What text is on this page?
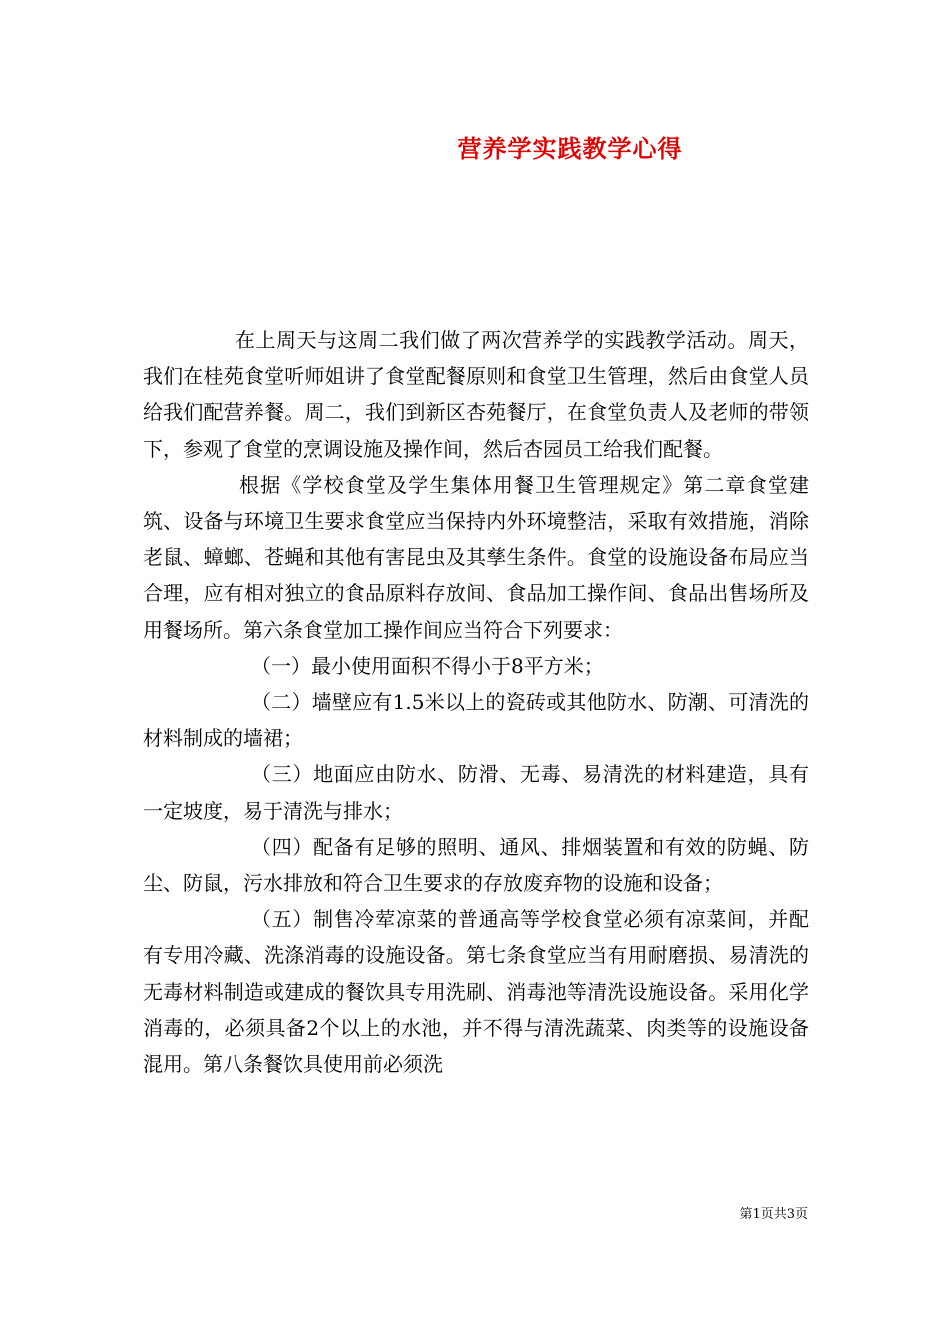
营养学实践教学心得

在上周天与这周二我们做了两次营养学的实践教学活动。周天，我们在桂苑食堂听师姐讲了食堂配餐原则和食堂卫生管理，然后由食堂人员给我们配营养餐。周二，我们到新区杏苑餐厅，在食堂负责人及老师的带领下，参观了食堂的烹调设施及操作间，然后杏园员工给我们配餐。

根据《学校食堂及学生集体用餐卫生管理规定》第二章食堂建筑、设备与环境卫生要求食堂应当保持内外环境整洁，采取有效措施，消除老鼠、蟑螂、苍蝇和其他有害昆虫及其孳生条件。食堂的设施设备布局应当合理，应有相对独立的食品原料存放间、食品加工操作间、食品出售场所及用餐场所。第六条食堂加工操作间应当符合下列要求：

（一）最小使用面积不得小于8平方米；

（二）墙壁应有1.5米以上的瓷砖或其他防水、防潮、可清洗的材料制成的墙裙；

（三）地面应由防水、防滑、无毒、易清洗的材料建造，具有一定坡度，易于清洗与排水；

（四）配备有足够的照明、通风、排烟装置和有效的防蝇、防尘、防鼠，污水排放和符合卫生要求的存放废弃物的设施和设备；

（五）制售冷荤凉菜的普通高等学校食堂必须有凉菜间，并配有专用冷藏、洗涤消毒的设施设备。第七条食堂应当有用耐磨损、易清洗的无毒材料制造或建成的餐饮具专用洗刷、消毒池等清洗设施设备。采用化学消毒的，必须具备2个以上的水池，并不得与清洗蔬菜、肉类等的设施设备混用。第八条餐饮具使用前必须洗

第1页共3页
